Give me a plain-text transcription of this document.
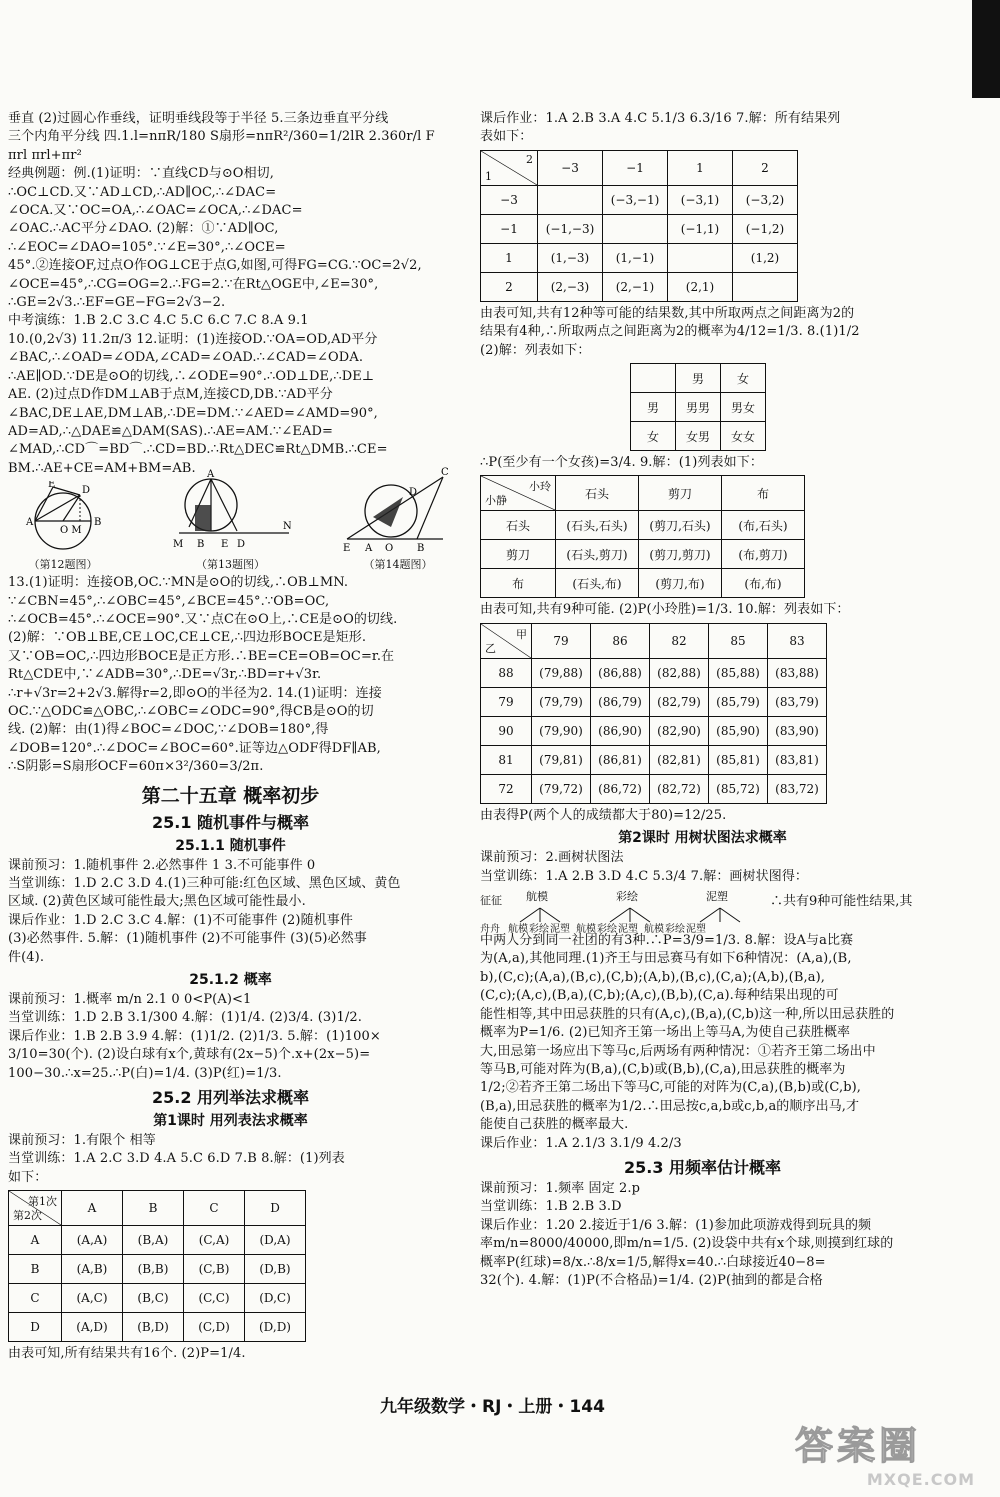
垂直 (2)过圆心作垂线，证明垂线段等于半径 5.三条边垂直平分线
三个内角平分线 四.1.l=nπR/180 S扇形=nπR²/360=1/2lR 2.360r/l F
πrl πrl+πr²
经典例题：例.(1)证明：∵直线CD与⊙O相切,
∴OC⊥CD.又∵AD⊥CD,∴AD∥OC,∴∠DAC=
∠OCA.又∵OC=OA,∴∠OAC=∠OCA,∴∠DAC=
∠OAC.∴AC平分∠DAO. (2)解：①∵AD∥OC,
∴∠EOC=∠DAO=105°.∵∠E=30°,∴∠OCE=
45°.②连接OF,过点O作OG⊥CE于点G,如图,可得FG=CG.∵OC=2√2,
∠OCE=45°,∴CG=OG=2.∴FG=2.∵在Rt△OGE中,∠E=30°,
∴GE=2√3.∴EF=GE−FG=2√3−2.
中考演练：1.B 2.C 3.C 4.C 5.C 6.C 7.C 8.A 9.1
10.(0,2√3) 11.2π/3 12.证明：(1)连接OD.∵OA=OD,AD平分
∠BAC,∴∠OAD=∠ODA,∠CAD=∠OAD.∴∠CAD=∠ODA.
∴AE∥OD.∵DE是⊙O的切线,∴∠ODE=90°.∴OD⊥DE,∴DE⊥
AE. (2)过点D作DM⊥AB于点M,连接CD,DB.∵AD平分
∠BAC,DE⊥AE,DM⊥AB,∴DE=DM.∵∠AED=∠AMD=90°,
AD=AD,∴△DAE≌△DAM(SAS).∴AE=AM.∵∠EAD=
∠MAD,∴CD⌒=BD⌒.∴CD=BD.∴Rt△DEC≌Rt△DMB.∴CE=
BM.∴AE+CE=AM+BM=AB.
A	B
E
D
O M
（第12题图）
A
M B E D
N
（第13题图）
C
E A O B
D
（第14题图）
13.(1)证明：连接OB,OC.∵MN是⊙O的切线,∴OB⊥MN.
∵∠CBN=45°,∴∠OBC=45°,∠BCE=45°.∵OB=OC,
∴∠OCB=45°.∴∠OCE=90°.又∵点C在⊙O上,∴CE是⊙O的切线.
(2)解：∵OB⊥BE,CE⊥OC,CE⊥CE,∴四边形BOCE是矩形.
又∵OB=OC,∴四边形BOCE是正方形.∴BE=CE=OB=OC=r.在
Rt△CDE中,∵∠ADB=30°,∴DE=√3r,∴BD=r+√3r.
∴r+√3r=2+2√3.解得r=2,即⊙O的半径为2. 14.(1)证明：连接
OC.∵△ODC≌△OBC,∴∠OBC=∠ODC=90°,得CB是⊙O的切
线. (2)解：由(1)得∠BOC=∠DOC,∵∠DOB=180°,得
∠DOB=120°.∴∠DOC=∠BOC=60°.证等边△ODF得DF∥AB,
∴S阴影=S扇形OCF=60π×3²/360=3/2π.
第二十五章 概率初步
25.1 随机事件与概率
25.1.1 随机事件
课前预习：1.随机事件 2.必然事件 1 3.不可能事件 0
当堂训练：1.D 2.C 3.D 4.(1)三种可能:红色区域、黑色区域、黄色
区域. (2)黄色区域可能性最大;黑色区域可能性最小.
课后作业：1.D 2.C 3.C 4.解：(1)不可能事件 (2)随机事件
(3)必然事件. 5.解：(1)随机事件 (2)不可能事件 (3)(5)必然事
件(4).
25.1.2 概率
课前预习：1.概率 m/n 2.1 0 0<P(A)<1
当堂训练：1.D 2.B 3.1/300 4.解：(1)1/4. (2)3/4. (3)1/2.
课后作业：1.B 2.B 3.9 4.解：(1)1/2. (2)1/3. 5.解：(1)100×
3/10=30(个). (2)设白球有x个,黄球有(2x−5)个.x+(2x−5)=
100−30.∴x=25.∴P(白)=1/4. (3)P(红)=1/3.
25.2 用列举法求概率
第1课时 用列表法求概率
课前预习：1.有限个 相等
当堂训练：1.A 2.C 3.D 4.A 5.C 6.D 7.B 8.解：(1)列表
如下：
第1次
第2次	A	B	C	D
A	(A,A)	(B,A)	(C,A)	(D,A)
B	(A,B)	(B,B)	(C,B)	(D,B)
C	(A,C)	(B,C)	(C,C)	(D,C)
D	(A,D)	(B,D)	(C,D)	(D,D)
由表可知,所有结果共有16个. (2)P=1/4.
课后作业：1.A 2.B 3.A 4.C 5.1/3 6.3/16 7.解：所有结果列
表如下：
2
1	−3	−1	1	2
−3		(−3,−1)	(−3,1)	(−3,2)
−1	(−1,−3)		(−1,1)	(−1,2)
1	(1,−3)	(1,−1)		(1,2)
2	(2,−3)	(2,−1)	(2,1)	
由表可知,共有12种等可能的结果数,其中所取两点之间距离为2的
结果有4种,∴所取两点之间距离为2的概率为4/12=1/3. 8.(1)1/2
(2)解：列表如下：
	男	女
男	男男	男女
女	女男	女女
∴P(至少有一个女孩)=3/4. 9.解：(1)列表如下：
小玲
小静	石头	剪刀	布
石头	(石头,石头)	(剪刀,石头)	(布,石头)
剪刀	(石头,剪刀)	(剪刀,剪刀)	(布,剪刀)
布	(石头,布)	(剪刀,布)	(布,布)
由表可知,共有9种可能. (2)P(小玲胜)=1/3. 10.解：列表如下：
甲
乙	79	86	82	85	83
88	(79,88)	(86,88)	(82,88)	(85,88)	(83,88)
79	(79,79)	(86,79)	(82,79)	(85,79)	(83,79)
90	(79,90)	(86,90)	(82,90)	(85,90)	(83,90)
81	(79,81)	(86,81)	(82,81)	(85,81)	(83,81)
72	(79,72)	(86,72)	(82,72)	(85,72)	(83,72)
由表得P(两个人的成绩都大于80)=12/25.
第2课时 用树状图法求概率
课前预习：2.画树状图法
当堂训练：1.A 2.B 3.D 4.C 5.3/4 7.解：画树状图得：
征征 航模	彩绘	泥塑	∴共有9种可能性结果,其
舟舟 航模彩绘泥塑 航模彩绘泥塑 航模彩绘泥塑
中两人分到同一社团的有3种.∴P=3/9=1/3. 8.解：设A与a比赛
为(A,a),其他同理.(1)齐王与田忌赛马有如下6种情况：(A,a),(B,
b),(C,c);(A,a),(B,c),(C,b);(A,b),(B,c),(C,a);(A,b),(B,a),
(C,c);(A,c),(B,a),(C,b);(A,c),(B,b),(C,a).每种结果出现的可
能性相等,其中田忌获胜的只有(A,c),(B,a),(C,b)这一种,所以田忌获胜的
概率为P=1/6. (2)已知齐王第一场出上等马A,为使自己获胜概率
大,田忌第一场应出下等马c,后两场有两种情况：①若齐王第二场出中
等马B,可能对阵为(B,a),(C,b)或(B,b),(C,a),田忌获胜的概率为
1/2;②若齐王第二场出下等马C,可能的对阵为(C,a),(B,b)或(C,b),
(B,a),田忌获胜的概率为1/2.∴田忌按c,a,b或c,b,a的顺序出马,才
能使自己获胜的概率最大.
课后作业：1.A 2.1/3 3.1/9 4.2/3
25.3 用频率估计概率
课前预习：1.频率 固定 2.p
当堂训练：1.B 2.B 3.D
课后作业：1.20 2.接近于1/6 3.解：(1)参加此项游戏得到玩具的频
率m/n=8000/40000,即m/n=1/5. (2)设袋中共有x个球,则摸到红球的
概率P(红球)=8/x.∴8/x=1/5,解得x=40.∴白球接近40−8=
32(个). 4.解：(1)P(不合格品)=1/4. (2)P(抽到的都是合格
九年级数学・RJ・上册・144
答案圈
MXQE.COM
